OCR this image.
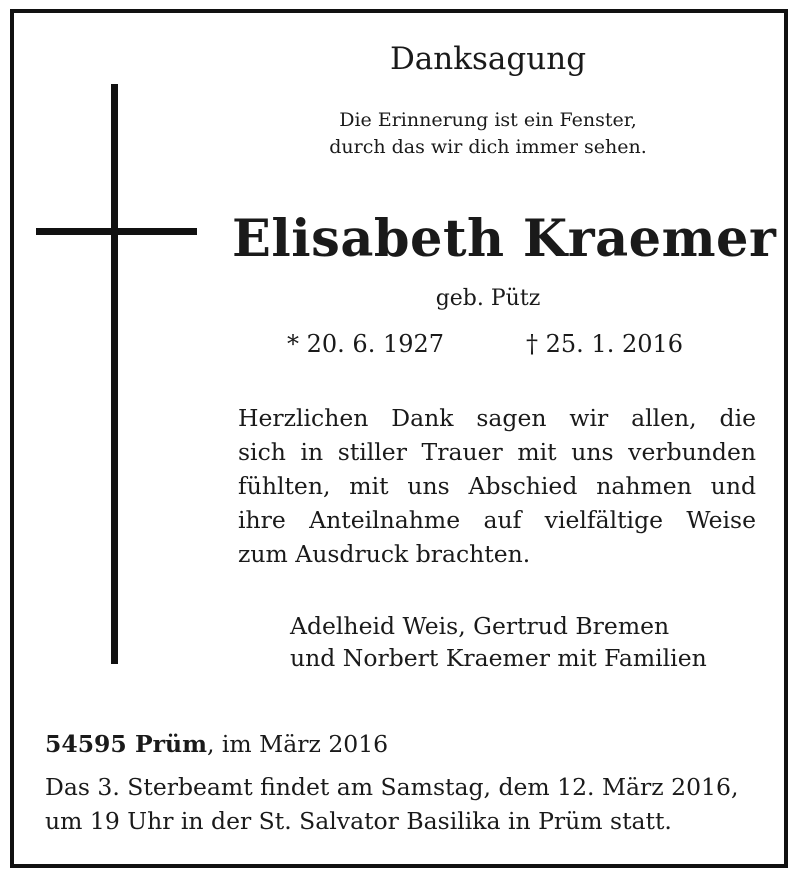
Danksagung
Die Erinnerung ist ein Fenster,
durch das wir dich immer sehen.
Elisabeth Kraemer
geb. Pütz
* 20. 6. 1927	† 25. 1. 2016
Herzlichen Dank sagen wir allen, die
sich in stiller Trauer mit uns verbunden
fühlten, mit uns Abschied nahmen und
ihre Anteilnahme auf vielfältige Weise
zum Ausdruck brachten.
Adelheid Weis, Gertrud Bremen
und Norbert Kraemer mit Familien
54595 Prüm, im März 2016
Das 3. Sterbeamt findet am Samstag, dem 12. März 2016,
um 19 Uhr in der St. Salvator Basilika in Prüm statt.
